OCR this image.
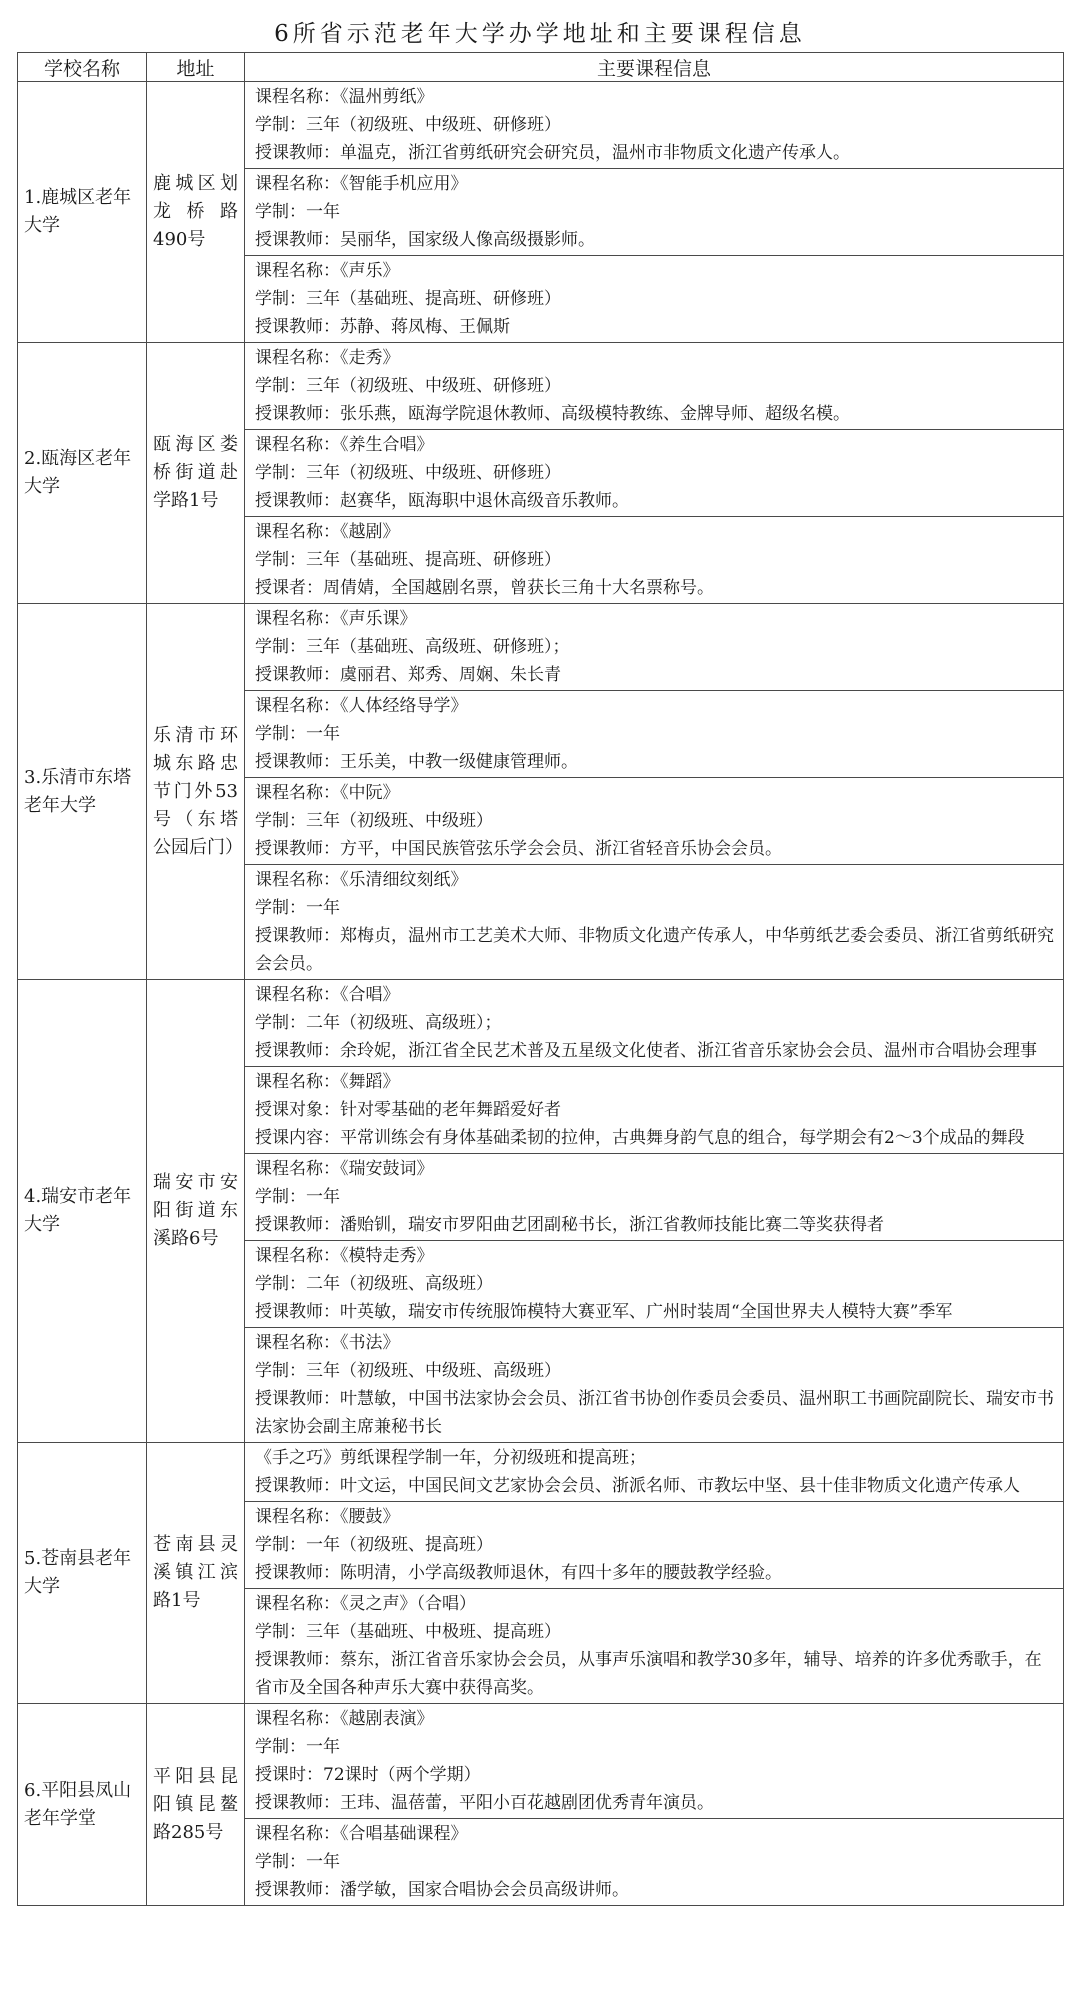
6所省示范老年大学办学地址和主要课程信息
学校名称	地址	主要课程信息
1.鹿城区老年大学	鹿城区划龙桥路490号	课程名称：《温州剪纸》
学制：三年（初级班、中级班、研修班）
授课教师：单温克，浙江省剪纸研究会研究员，温州市非物质文化遗产传承人。

		课程名称：《智能手机应用》
学制：一年
授课教师：吴丽华，国家级人像高级摄影师。

		课程名称：《声乐》
学制：三年（基础班、提高班、研修班）
授课教师：苏静、蒋凤梅、王佩斯

2.瓯海区老年大学	瓯海区娄桥街道赴学路1号	课程名称：《走秀》
学制：三年（初级班、中级班、研修班）
授课教师：张乐燕，瓯海学院退休教师、高级模特教练、金牌导师、超级名模。

		课程名称：《养生合唱》
学制：三年（初级班、中级班、研修班）
授课教师：赵赛华，瓯海职中退休高级音乐教师。

		课程名称：《越剧》
学制：三年（基础班、提高班、研修班）
授课者：周倩婧，全国越剧名票，曾获长三角十大名票称号。

3.乐清市东塔老年大学	乐清市环城东路忠节门外53号（东塔公园后门）	课程名称：《声乐课》
学制：三年（基础班、高级班、研修班）；
授课教师：虞丽君、郑秀、周娴、朱长青

		课程名称：《人体经络导学》
学制：一年
授课教师：王乐美，中教一级健康管理师。

		课程名称：《中阮》
学制：三年（初级班、中级班）
授课教师：方平，中国民族管弦乐学会会员、浙江省轻音乐协会会员。

		课程名称：《乐清细纹刻纸》
学制：一年
授课教师：郑梅贞，温州市工艺美术大师、非物质文化遗产传承人，中华剪纸艺委会委员、浙江省剪纸研究会会员。

4.瑞安市老年大学	瑞安市安阳街道东溪路6号	课程名称：《合唱》
学制：二年（初级班、高级班）；
授课教师：余玲妮，浙江省全民艺术普及五星级文化使者、浙江省音乐家协会会员、温州市合唱协会理事

		课程名称：《舞蹈》
授课对象：针对零基础的老年舞蹈爱好者
授课内容：平常训练会有身体基础柔韧的拉伸，古典舞身韵气息的组合，每学期会有2～3个成品的舞段

		课程名称：《瑞安鼓词》
学制：一年
授课教师：潘贻钏，瑞安市罗阳曲艺团副秘书长，浙江省教师技能比赛二等奖获得者

		课程名称：《模特走秀》
学制：二年（初级班、高级班）
授课教师：叶英敏，瑞安市传统服饰模特大赛亚军、广州时装周“全国世界夫人模特大赛”季军

		课程名称：《书法》
学制：三年（初级班、中级班、高级班）
授课教师：叶慧敏，中国书法家协会会员、浙江省书协创作委员会委员、温州职工书画院副院长、瑞安市书法家协会副主席兼秘书长

5.苍南县老年大学	苍南县灵溪镇江滨路1号	《手之巧》剪纸课程学制一年，分初级班和提高班；
授课教师：叶文运，中国民间文艺家协会会员、浙派名师、市教坛中坚、县十佳非物质文化遗产传承人

		课程名称：《腰鼓》
学制：一年（初级班、提高班）
授课教师：陈明清，小学高级教师退休，有四十多年的腰鼓教学经验。

		课程名称：《灵之声》（合唱）
学制：三年（基础班、中极班、提高班）
授课教师：蔡东，浙江省音乐家协会会员，从事声乐演唱和教学30多年，辅导、培养的许多优秀歌手，在省市及全国各种声乐大赛中获得高奖。

6.平阳县凤山老年学堂	平阳县昆阳镇昆鳌路285号	课程名称：《越剧表演》
学制：一年
授课时：72课时（两个学期）
授课教师：王玮、温蓓蕾，平阳小百花越剧团优秀青年演员。

		课程名称：《合唱基础课程》
学制：一年
授课教师：潘学敏，国家合唱协会会员高级讲师。
